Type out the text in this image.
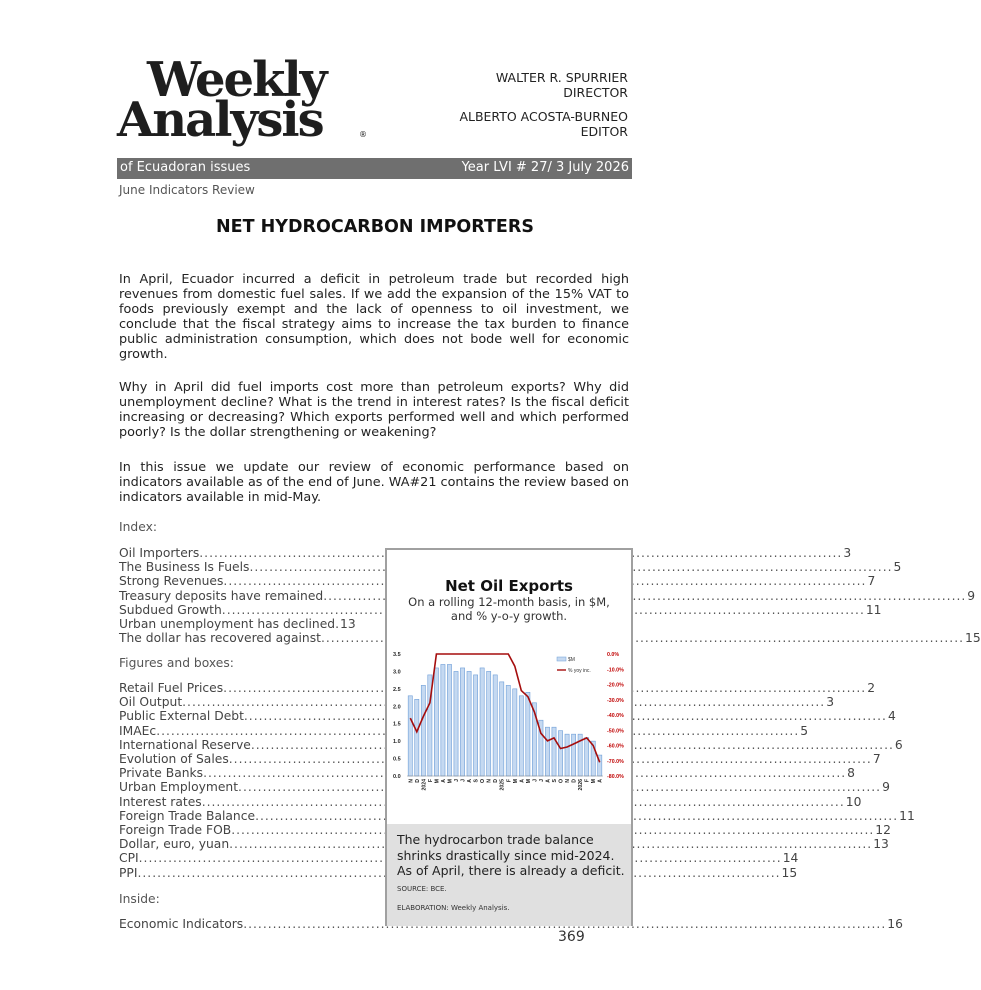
Weekly
Analysis	®
WALTER R. SPURRIER
DIRECTOR
ALBERTO ACOSTA-BURNEO
EDITOR
of Ecuadoran issues	Year LVI # 27/ 3 July 2026
June Indicators Review
NET HYDROCARBON IMPORTERS
In April, Ecuador incurred a deficit in petroleum trade but recorded high revenues from domestic fuel sales. If we add the expansion of the 15% VAT to foods previously exempt and the lack of openness to oil investment, we conclude that the fiscal strategy aims to increase the tax burden to finance public administration consumption, which does not bode well for economic growth.
Why in April did fuel imports cost more than petroleum exports? Why did unemployment decline? What is the trend in interest rates? Is the fiscal deficit increasing or decreasing? Which exports performed well and which performed poorly? Is the dollar strengthening or weakening?
In this issue we update our review of economic performance based on indicators available as of the end of June. WA#21 contains the review based on indicators available in mid-May.
Index:
Oil Importers .....	3
The Business Is Fuels .....	5
Strong Revenues .....	7
Treasury deposits have remained .....	9
Subdued Growth .....	11
Urban unemployment has declined. 13
The dollar has recovered against .....	15
Figures and boxes:
Retail Fuel Prices .....	2
Oil Output .....	3
Public External Debt .....	4
IMAEc .....	5
International Reserve .....	6
Evolution of Sales .....	7
Private Banks .....	8
Urban Employment .....	9
Interest rates .....	10
Foreign Trade Balance .....	11
Foreign Trade FOB .....	12
Dollar, euro, yuan .....	13
CPI .....	14
PPI .....	15
Inside:
Economic Indicators .....	16
Net Oil Exports
On a rolling 12-month basis, in $M, and % y-o-y growth.
0.0
0.5
1.0
1.5
2.0
2.5
3.0
3.5	0.0%
-10.0%
-20.0%
-30.0%
-40.0%
-50.0%
-60.0%
-70.0%
-80.0%
N D 2024 F M A M J J A S O N D 2025 F M A M J J A S O N D 2026 F M A
$M
% yoy inc.
The hydrocarbon trade balance shrinks drastically since mid-2024. As of April, there is already a deficit.
SOURCE: BCE.
ELABORATION: Weekly Analysis.
369
